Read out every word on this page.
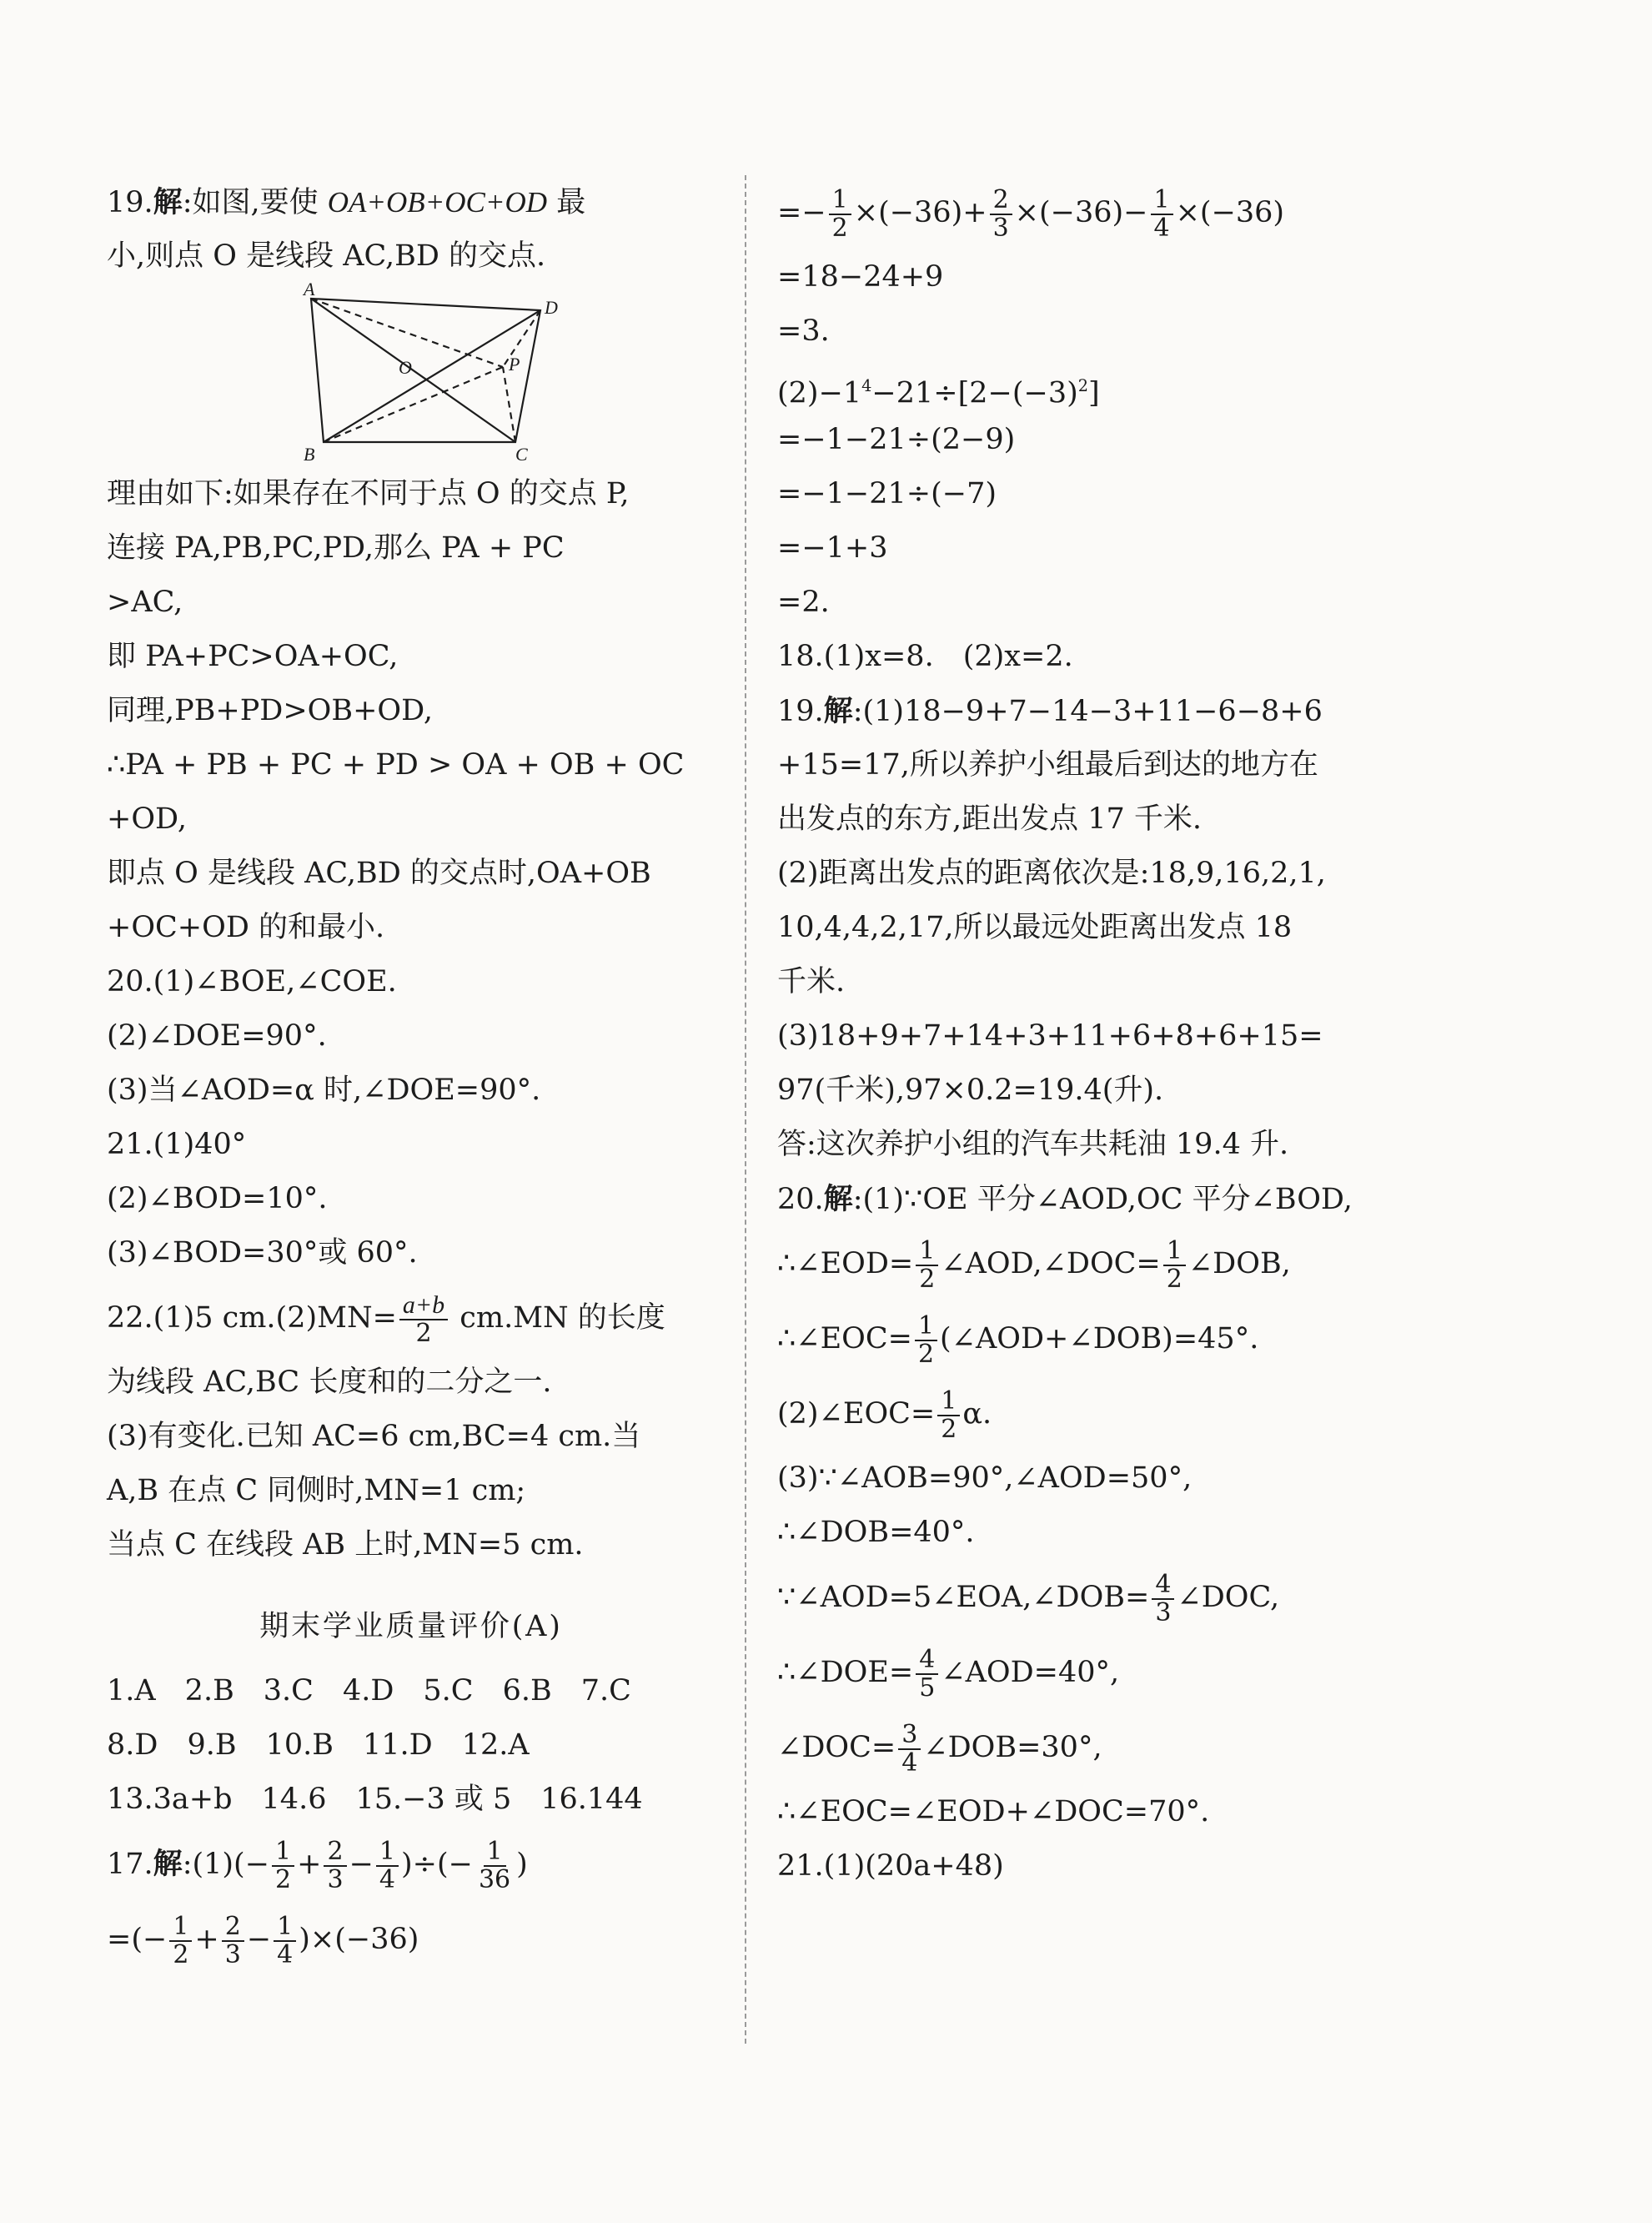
19.解:如图,要使 OA+OB+OC+OD 最
小,则点 O 是线段 AC,BD 的交点.
A
B	C
D
O	P
理由如下:如果存在不同于点 O 的交点 P,
连接 PA,PB,PC,PD,那么 PA + PC
>AC,
即 PA+PC>OA+OC,
同理,PB+PD>OB+OD,
∴PA + PB + PC + PD > OA + OB + OC
+OD,
即点 O 是线段 AC,BD 的交点时,OA+OB
+OC+OD 的和最小.
20.(1)∠BOE,∠COE.
(2)∠DOE=90°.
(3)当∠AOD=α 时,∠DOE=90°.
21.(1)40°
(2)∠BOD=10°.
(3)∠BOD=30°或 60°.
22.(1)5 $cm.(2)MN= \frac{a+b}{2} cm.MN$ 的长度
为线段 AC,BC 长度和的二分之一.
(3)有变化.已知 AC=6 cm,BC=4 cm.当
A,B 在点 C 同侧时,MN=1 cm;
当点 C 在线段 AB 上时,MN=5 cm.
期末学业质量评价(A)
1.A　2.B　3.C　4.D　5.C　6.B　7.C
8.D　9.B　10.B　11.D　12.A
13.3a+b　14.6　15.−3 或 5　16.144
17.解:(1)(− $\frac{1}{2} + \frac{2}{3} - \frac{1}{4}$ )÷(− $\frac{1}{36}$ )
=(− $\frac{1}{2} + \frac{2}{3} - \frac{1}{4} )\times(-36)$
=− $\frac{1}{2} \times(-36)+ \frac{2}{3} \times(-36)- \frac{1}{4} \times(-36)$
=18−24+9
=3.
$(2)-1^4-21\div[2-(-3)^2]$
=−1−21÷(2−9)
=−1−21÷(−7)
=−1+3
=2.
18.(1)x=8.　(2)x=2.
19.解:(1)18−9+7−14−3+11−6−8+6
+15=17,所以养护小组最后到达的地方在
出发点的东方,距出发点 17 千米.
(2)距离出发点的距离依次是:18,9,16,2,1,
10,4,4,2,17,所以最远处距离出发点 18
千米.
(3)18+9+7+14+3+11+6+8+6+15=
97(千米),97×0.2=19.4(升).
答:这次养护小组的汽车共耗油 19.4 升.
20.解:(1)∵OE 平分∠AOD,OC 平分∠BOD,
∴∠EOD= $\frac{1}{2}$ ∠AOD,∠DOC= $\frac{1}{2}$ ∠DOB,
∴∠EOC= $\frac{1}{2}$ (∠AOD+∠DOB)=45°.
(2)∠EOC= $\frac{1}{2} \alpha$.
(3)∵∠AOB=90°,∠AOD=50°,
∴∠DOB=40°.
∵∠AOD=5∠EOA,∠DOB= $\frac{4}{3}$ ∠DOC,
∴∠DOE= $\frac{4}{5}$ ∠AOD=40°,
∠DOC= $\frac{3}{4}$ ∠DOB=30°,
∴∠EOC=∠EOD+∠DOC=70°.
21.(1)(20a+48)
